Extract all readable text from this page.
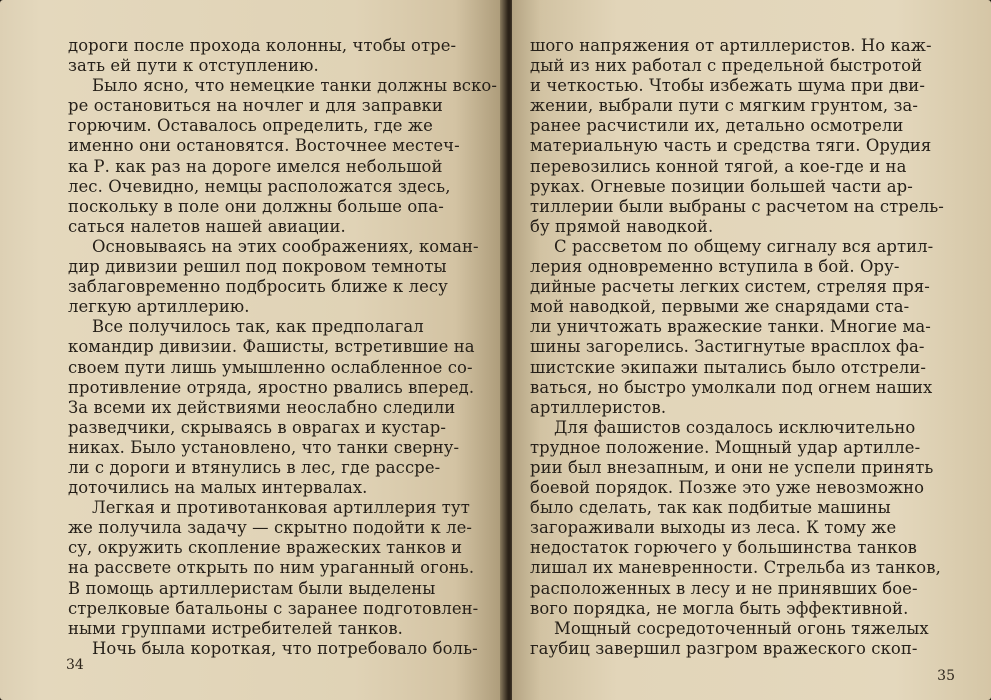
дороги после прохода колонны, чтобы отре-
зать ей пути к отступлению.
Было ясно, что немецкие танки должны вско-
ре остановиться на ночлег и для заправки
горючим. Оставалось определить, где же
именно они остановятся. Восточнее местеч-
ка Р. как раз на дороге имелся небольшой
лес. Очевидно, немцы расположатся здесь,
поскольку в поле они должны больше опа-
саться налетов нашей авиации.
Основываясь на этих соображениях, коман-
дир дивизии решил под покровом темноты
заблаговременно подбросить ближе к лесу
легкую артиллерию.
Все получилось так, как предполагал
командир дивизии. Фашисты, встретившие на
своем пути лишь умышленно ослабленное со-
противление отряда, яростно рвались вперед.
За всеми их действиями неослабно следили
разведчики, скрываясь в оврагах и кустар-
никах. Было установлено, что танки сверну-
ли с дороги и втянулись в лес, где рассре-
доточились на малых интервалах.
Легкая и противотанковая артиллерия тут
же получила задачу — скрытно подойти к ле-
су, окружить скопление вражеских танков и
на рассвете открыть по ним ураганный огонь.
В помощь артиллеристам были выделены
стрелковые батальоны с заранее подготовлен-
ными группами истребителей танков.
Ночь была короткая, что потребовало боль-
34
шого напряжения от артиллеристов. Но каж-
дый из них работал с предельной быстротой
и четкостью. Чтобы избежать шума при дви-
жении, выбрали пути с мягким грунтом, за-
ранее расчистили их, детально осмотрели
материальную часть и средства тяги. Орудия
перевозились конной тягой, а кое-где и на
руках. Огневые позиции большей части ар-
тиллерии были выбраны с расчетом на стрель-
бу прямой наводкой.
С рассветом по общему сигналу вся артил-
лерия одновременно вступила в бой. Ору-
дийные расчеты легких систем, стреляя пря-
мой наводкой, первыми же снарядами ста-
ли уничтожать вражеские танки. Многие ма-
шины загорелись. Застигнутые врасплох фа-
шистские экипажи пытались было отстрели-
ваться, но быстро умолкали под огнем наших
артиллеристов.
Для фашистов создалось исключительно
трудное положение. Мощный удар артилле-
рии был внезапным, и они не успели принять
боевой порядок. Позже это уже невозможно
было сделать, так как подбитые машины
загораживали выходы из леса. К тому же
недостаток горючего у большинства танков
лишал их маневренности. Стрельба из танков,
расположенных в лесу и не принявших бое-
вого порядка, не могла быть эффективной.
Мощный сосредоточенный огонь тяжелых
гаубиц завершил разгром вражеского скоп-
35
